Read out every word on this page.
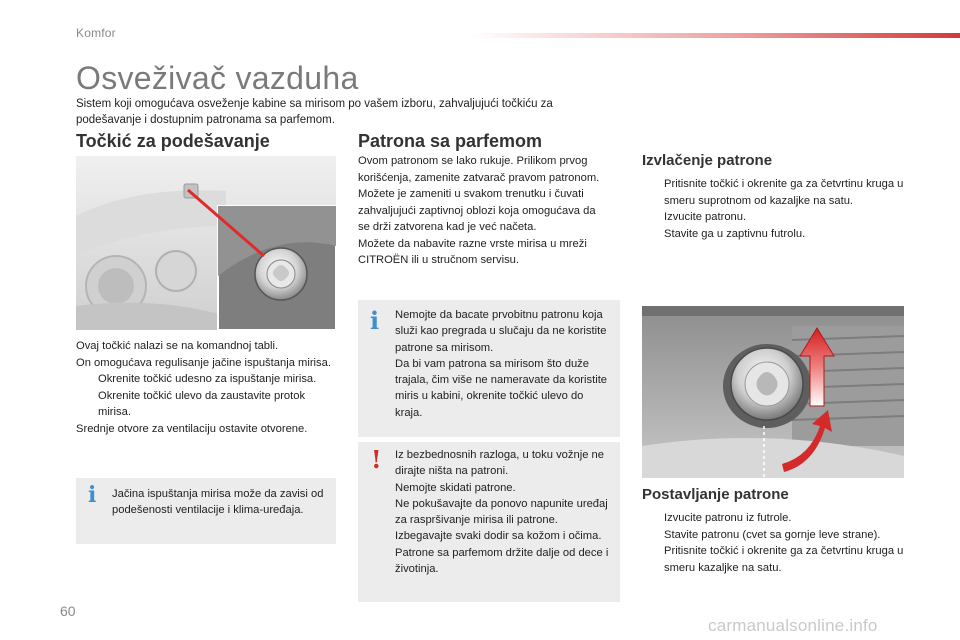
Komfor
Osveživač vazduha
Sistem koji omogućava osveženje kabine sa mirisom po vašem izboru, zahvaljujući točkiću za podešavanje i dostupnim patronama sa parfemom.
Točkić za podešavanje

Ovaj točkić nalazi se na komandnoj tabli.

On omogućava regulisanje jačine ispuštanja mirisa.

Okrenite točkić udesno za ispuštanje mirisa.
Okrenite točkić ulevo da zaustavite protok mirisa.

Srednje otvore za ventilaciju ostavite otvorene.

i Jačina ispuštanja mirisa može da zavisi od podešenosti ventilacije i klima-uređaja.
Patrona sa parfemom

Ovom patronom se lako rukuje. Prilikom prvog korišćenja, zamenite zatvarač pravom patronom.

Možete je zameniti u svakom trenutku i čuvati zahvaljujući zaptivnoj oblozi koja omogućava da se drži zatvorena kad je već načeta.

Možete da nabavite razne vrste mirisa u mreži CITROËN ili u stručnom servisu.

i Nemojte da bacate prvobitnu patronu koja služi kao pregrada u slučaju da ne koristite patrone sa mirisom.

Da bi vam patrona sa mirisom što duže trajala, čim više ne nameravate da koristite miris u kabini, okrenite točkić ulevo do kraja.

! Iz bezbednosnih razloga, u toku vožnje ne dirajte ništa na patroni.

Nemojte skidati patrone.

Ne pokušavajte da ponovo napunite uređaj za raspršivanje mirisa ili patrone.

Izbegavajte svaki dodir sa kožom i očima.

Patrone sa parfemom držite dalje od dece i životinja.

Izvlačenje patrone
Pritisnite točkić i okrenite ga za četvrtinu kruga u smeru suprotnom od kazaljke na satu.
Izvucite patronu.
Stavite ga u zaptivnu futrolu.
Postavljanje patrone
Izvucite patronu iz futrole.
Stavite patronu (cvet sa gornje leve strane).
Pritisnite točkić i okrenite ga za četvrtinu kruga u smeru kazaljke na satu.
60
carmanualsonline.info
